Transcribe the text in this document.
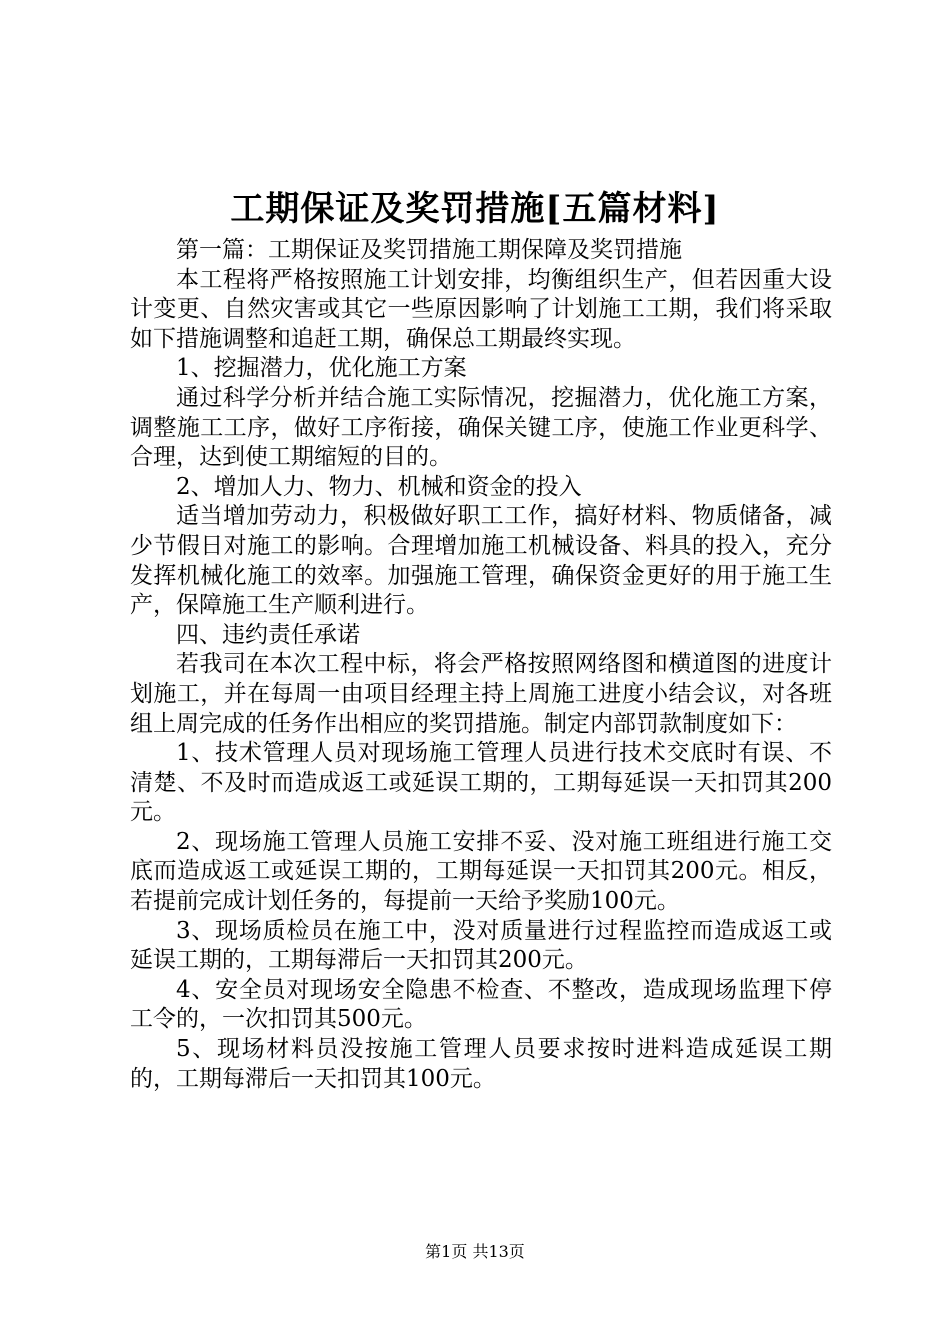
工期保证及奖罚措施[五篇材料]

第一篇：工期保证及奖罚措施工期保障及奖罚措施

本工程将严格按照施工计划安排，均衡组织生产，但若因重大设计变更、自然灾害或其它一些原因影响了计划施工工期，我们将采取如下措施调整和追赶工期，确保总工期最终实现。

1、挖掘潜力，优化施工方案

通过科学分析并结合施工实际情况，挖掘潜力，优化施工方案，调整施工工序，做好工序衔接，确保关键工序，使施工作业更科学、合理，达到使工期缩短的目的。

2、增加人力、物力、机械和资金的投入

适当增加劳动力，积极做好职工工作，搞好材料、物质储备，减少节假日对施工的影响。合理增加施工机械设备、料具的投入，充分发挥机械化施工的效率。加强施工管理，确保资金更好的用于施工生产，保障施工生产顺利进行。

四、违约责任承诺

若我司在本次工程中标，将会严格按照网络图和横道图的进度计划施工，并在每周一由项目经理主持上周施工进度小结会议，对各班组上周完成的任务作出相应的奖罚措施。制定内部罚款制度如下：

1、技术管理人员对现场施工管理人员进行技术交底时有误、不清楚、不及时而造成返工或延误工期的，工期每延误一天扣罚其200元。

2、现场施工管理人员施工安排不妥、没对施工班组进行施工交底而造成返工或延误工期的，工期每延误一天扣罚其200元。相反，若提前完成计划任务的，每提前一天给予奖励100元。

3、现场质检员在施工中，没对质量进行过程监控而造成返工或延误工期的，工期每滞后一天扣罚其200元。

4、安全员对现场安全隐患不检查、不整改，造成现场监理下停工令的，一次扣罚其500元。

5、现场材料员没按施工管理人员要求按时进料造成延误工期的，工期每滞后一天扣罚其100元。

第1页 共13页
